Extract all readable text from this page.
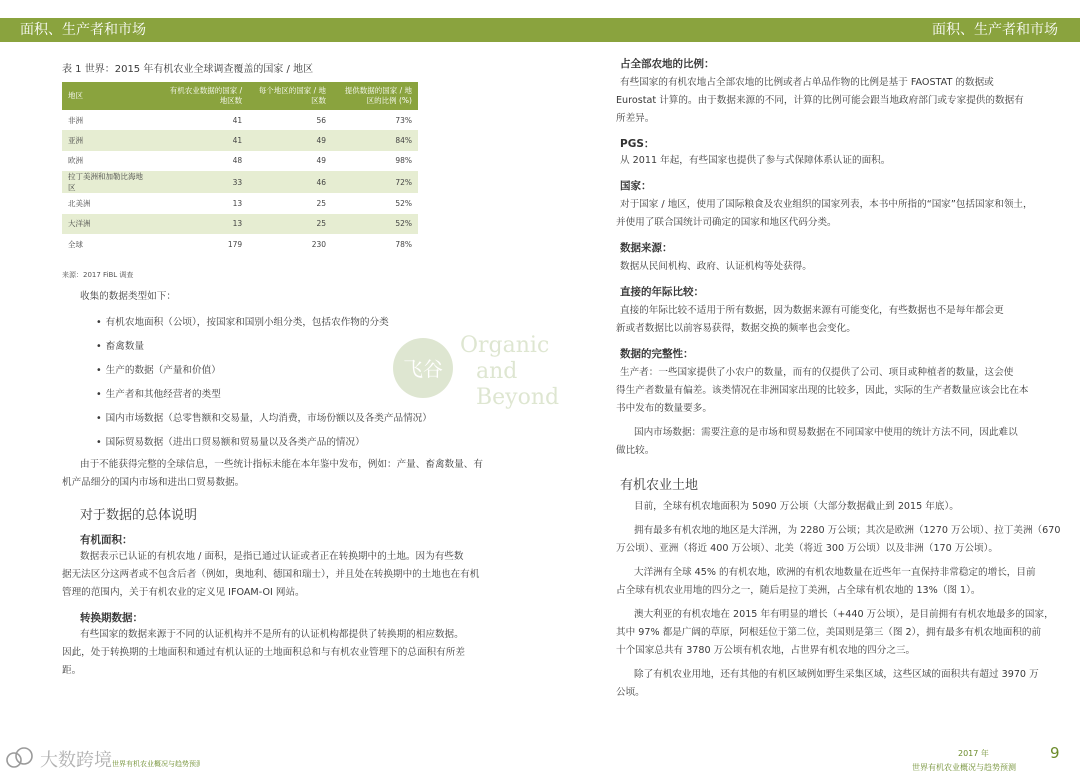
面积、生产者和市场	面积、生产者和市场
表 1 世界：2015 年有机农业全球调查覆盖的国家 / 地区
地区	有机农业数据的国家 / 地区数	每个地区的国家 / 地区数	提供数据的国家 / 地区的比例 (%)
非洲	41	56	73%
亚洲	41	49	84%
欧洲	48	49	98%
拉丁美洲和加勒比海地区	33	46	72%
北美洲	13	25	52%
大洋洲	13	25	52%
全球	179	230	78%
来源：2017 FiBL 调查
收集的数据类型如下：
• 有机农地面积（公顷），按国家和国别小组分类，包括农作物的分类
• 畜禽数量
• 生产的数据（产量和价值）
• 生产者和其他经营者的类型
• 国内市场数据（总零售额和交易量，人均消费，市场份额以及各类产品情况）
• 国际贸易数据（进出口贸易额和贸易量以及各类产品的情况）
由于不能获得完整的全球信息，一些统计指标未能在本年鉴中发布，例如：产量、畜禽数量、有
机产品细分的国内市场和进出口贸易数据。
对于数据的总体说明
有机面积：
数据表示已认证的有机农地 / 面积，是指已通过认证或者正在转换期中的土地。因为有些数
据无法区分这两者或不包含后者（例如，奥地利、德国和瑞士），并且处在转换期中的土地也在有机
管理的范围内，关于有机农业的定义见 IFOAM-OI 网站。
转换期数据：
有些国家的数据来源于不同的认证机构并不是所有的认证机构都提供了转换期的相应数据。
因此，处于转换期的土地面积和通过有机认证的土地面积总和与有机农业管理下的总面积有所差
距。
飞谷
Organic
and
Beyond
占全部农地的比例：
有些国家的有机农地占全部农地的比例或者占单品作物的比例是基于 FAOSTAT 的数据或
Eurostat 计算的。由于数据来源的不同，计算的比例可能会跟当地政府部门或专家提供的数据有
所差异。
PGS：
从 2011 年起，有些国家也提供了参与式保障体系认证的面积。
国家：
对于国家 / 地区，使用了国际粮食及农业组织的国家列表，本书中所指的“国家”包括国家和领土，
并使用了联合国统计司确定的国家和地区代码分类。
数据来源：
数据从民间机构、政府、认证机构等处获得。
直接的年际比较：
直接的年际比较不适用于所有数据，因为数据来源有可能变化，有些数据也不是每年都会更
新或者数据比以前容易获得，数据交换的频率也会变化。
数据的完整性：
生产者：一些国家提供了小农户的数量，而有的仅提供了公司、项目或种植者的数量，这会使
得生产者数量有偏差。该类情况在非洲国家出现的比较多，因此，实际的生产者数量应该会比在本
书中发布的数量要多。
国内市场数据：需要注意的是市场和贸易数据在不同国家中使用的统计方法不同，因此难以
做比较。
有机农业土地
目前，全球有机农地面积为 5090 万公顷（大部分数据截止到 2015 年底）。
拥有最多有机农地的地区是大洋洲，为 2280 万公顷；其次是欧洲（1270 万公顷）、拉丁美洲（670
万公顷）、亚洲（将近 400 万公顷）、北美（将近 300 万公顷）以及非洲（170 万公顷）。
大洋洲有全球 45% 的有机农地，欧洲的有机农地数量在近些年一直保持非常稳定的增长，目前
占全球有机农业用地的四分之一，随后是拉丁美洲，占全球有机农地的 13%（图 1）。
澳大利亚的有机农地在 2015 年有明显的增长（+440 万公顷），是目前拥有有机农地最多的国家，
其中 97% 都是广阔的草原，阿根廷位于第二位，美国则是第三（图 2），拥有最多有机农地面积的前
十个国家总共有 3780 万公顷有机农地，占世界有机农地的四分之三。
除了有机农业用地，还有其他的有机区域例如野生采集区域，这些区域的面积共有超过 3970 万
公顷。
大数跨境 世界有机农业概况与趋势预测
2017 年
世界有机农业概况与趋势预测
9
